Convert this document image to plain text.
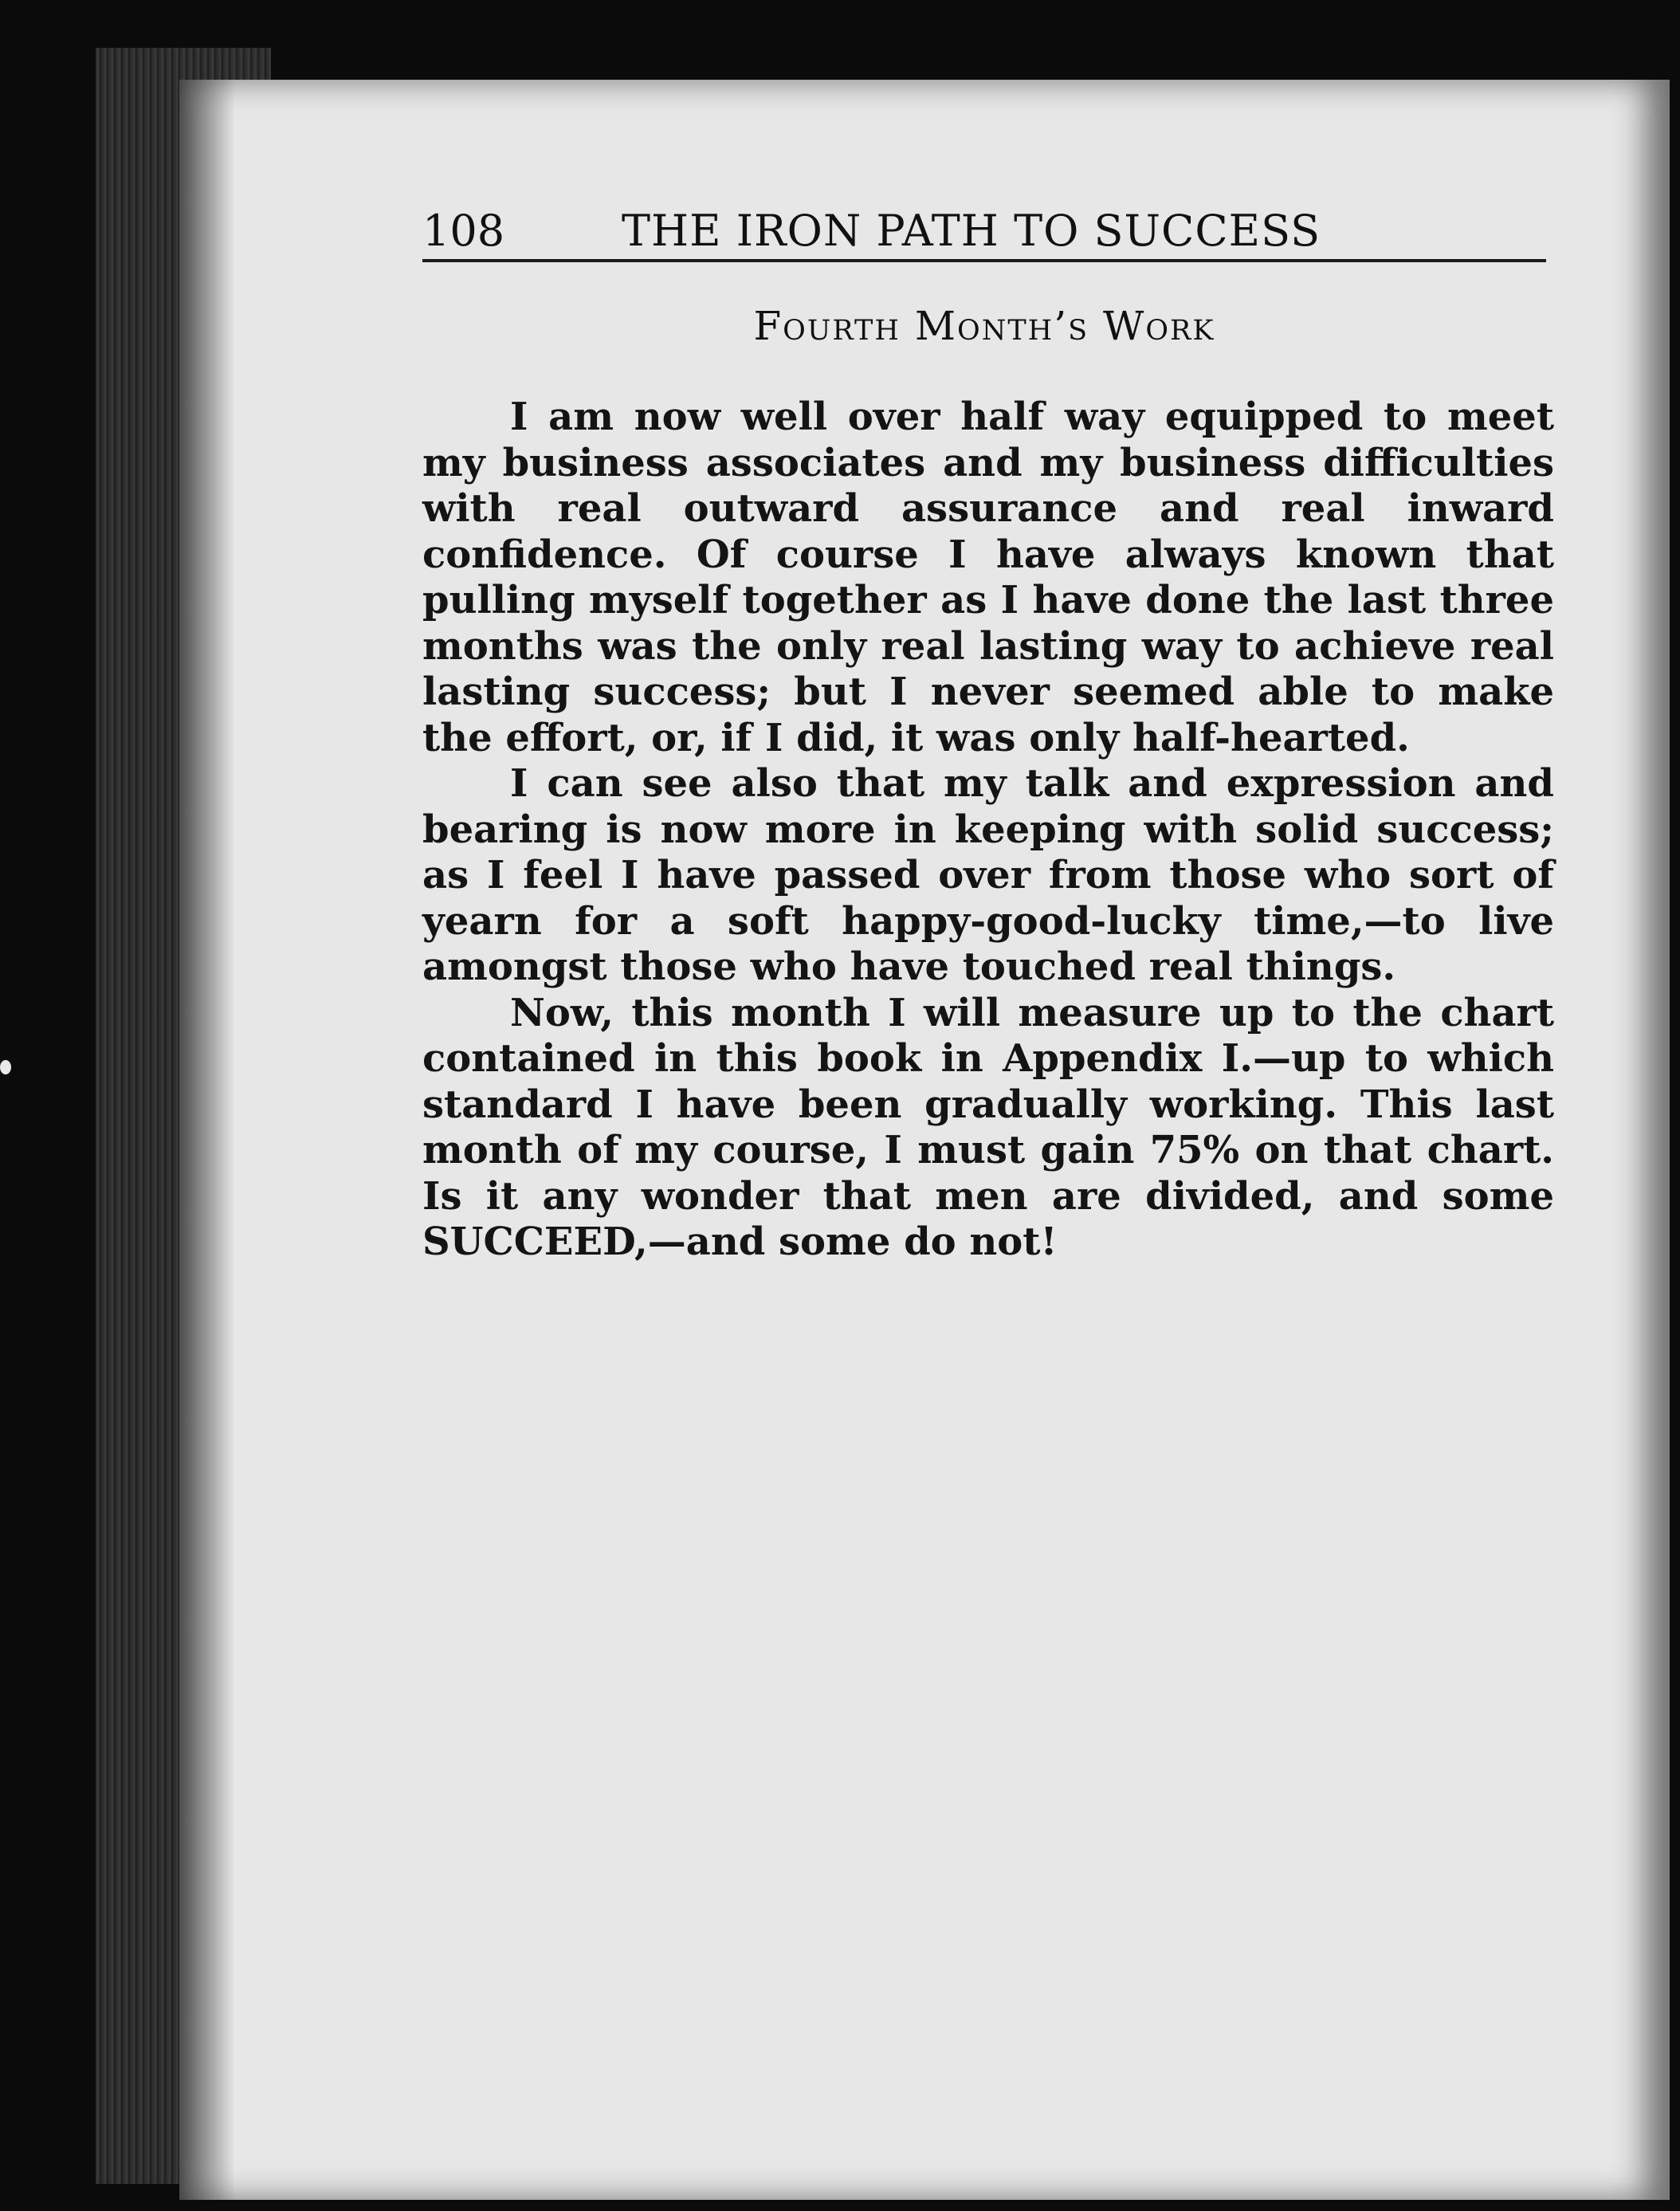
108	THE IRON PATH TO SUCCESS
Fourth Month’s Work

I am now well over half way equipped to meet my business associates and my business difficulties with real outward assurance and real inward confidence. Of course I have always known that pulling myself together as I have done the last three months was the only real lasting way to achieve real lasting success; but I never seemed able to make the effort, or, if I did, it was only half-hearted.

I can see also that my talk and expression and bearing is now more in keeping with solid success; as I feel I have passed over from those who sort of yearn for a soft happy-good-lucky time,—to live amongst those who have touched real things.

Now, this month I will measure up to the chart contained in this book in Appendix I.—up to which standard I have been gradually working. This last month of my course, I must gain 75% on that chart. Is it any wonder that men are divided, and some SUCCEED,—and some do not!
